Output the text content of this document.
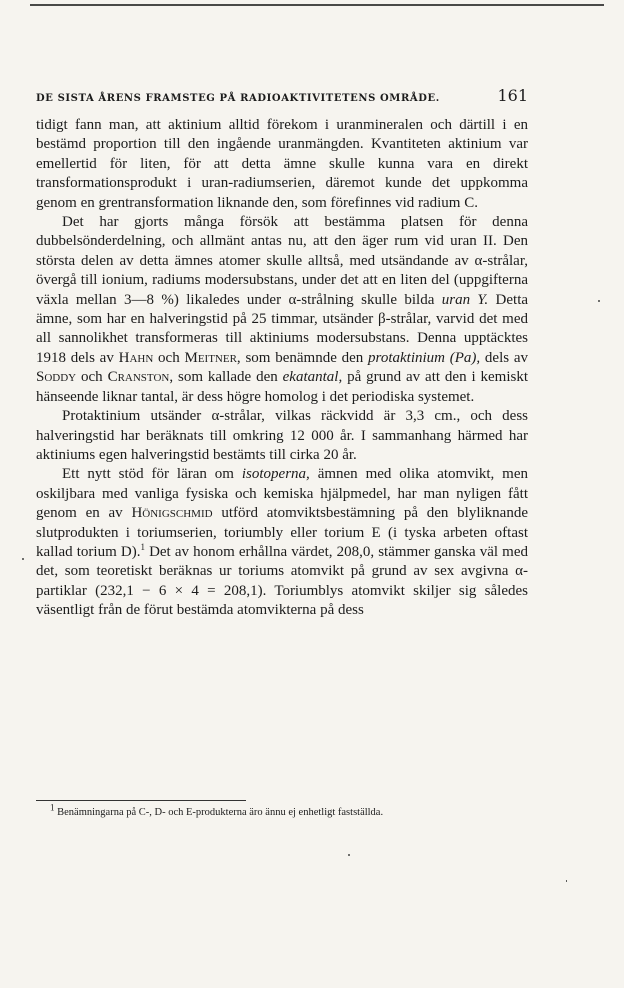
DE SISTA ÅRENS FRAMSTEG PÅ RADIOAKTIVITETENS OMRÅDE.	161

tidigt fann man, att aktinium alltid förekom i uranmineralen och därtill i en bestämd proportion till den ingående uranmängden. Kvantiteten aktinium var emellertid för liten, för att detta ämne skulle kunna vara en direkt transformationsprodukt i uran-radiumserien, däremot kunde det uppkomma genom en grentransformation liknande den, som förefinnes vid radium C.

Det har gjorts många försök att bestämma platsen för denna dubbelsönderdelning, och allmänt antas nu, att den äger rum vid uran II. Den största delen av detta ämnes atomer skulle alltså, med utsändande av α-strålar, övergå till ionium, radiums modersubstans, under det att en liten del (uppgifterna växla mellan 3—8 %) likaledes under α-strålning skulle bilda uran Y. Detta ämne, som har en halveringstid på 25 timmar, utsänder β-strålar, varvid det med all sannolikhet transformeras till aktiniums modersubstans. Denna upptäcktes 1918 dels av Hahn och Meitner, som benämnde den protaktinium (Pa), dels av Soddy och Cranston, som kallade den ekatantal, på grund av att den i kemiskt hänseende liknar tantal, är dess högre homolog i det periodiska systemet.

Protaktinium utsänder α-strålar, vilkas räckvidd är 3,3 cm., och dess halveringstid har beräknats till omkring 12 000 år. I sammanhang härmed har aktiniums egen halveringstid bestämts till cirka 20 år.

Ett nytt stöd för läran om isotoperna, ämnen med olika atomvikt, men oskiljbara med vanliga fysiska och kemiska hjälpmedel, har man nyligen fått genom en av Hönigschmid utförd atomviktsbestämning på den blyliknande slutprodukten i toriumserien, toriumbly eller torium E (i tyska arbeten oftast kallad torium D).$^1$ Det av honom erhållna värdet, 208,0, stämmer ganska väl med det, som teoretiskt beräknas ur toriums atomvikt på grund av sex avgivna α-partiklar (232,1 − 6 × 4 = 208,1). Toriumblys atomvikt skiljer sig således väsentligt från de förut bestämda atomvikterna på dess

$^1$ Benämningarna på C-, D- och E-produkterna äro ännu ej enhetligt fastställda.
